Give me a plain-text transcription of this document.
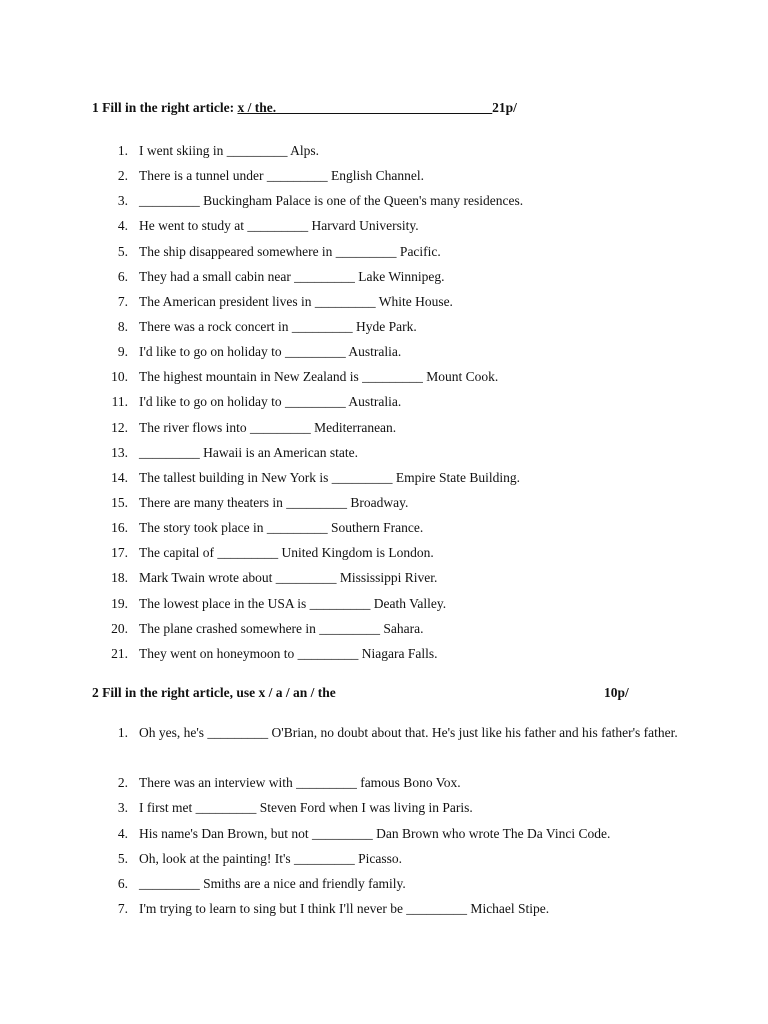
1 Fill in the right article: x / the.________________________________21p/
1. I went skiing in _________ Alps.
2. There is a tunnel under _________ English Channel.
3. _________ Buckingham Palace is one of the Queen's many residences.
4. He went to study at _________ Harvard University.
5. The ship disappeared somewhere in _________ Pacific.
6. They had a small cabin near _________ Lake Winnipeg.
7. The American president lives in _________ White House.
8. There was a rock concert in _________ Hyde Park.
9. I'd like to go on holiday to _________ Australia.
10. The highest mountain in New Zealand is _________ Mount Cook.
11. I'd like to go on holiday to _________ Australia.
12. The river flows into _________ Mediterranean.
13. _________ Hawaii is an American state.
14. The tallest building in New York is _________ Empire State Building.
15. There are many theaters in _________ Broadway.
16. The story took place in _________ Southern France.
17. The capital of _________ United Kingdom is London.
18. Mark Twain wrote about _________ Mississippi River.
19. The lowest place in the USA is _________ Death Valley.
20. The plane crashed somewhere in _________ Sahara.
21. They went on honeymoon to _________ Niagara Falls.
2 Fill in the right article, use x / a / an / the	10p/
1. Oh yes, he's _________ O'Brian, no doubt about that. He's just like his father and his father's father.
2. There was an interview with _________ famous Bono Vox.
3. I first met _________ Steven Ford when I was living in Paris.
4. His name's Dan Brown, but not _________ Dan Brown who wrote The Da Vinci Code.
5. Oh, look at the painting! It's _________ Picasso.
6. _________ Smiths are a nice and friendly family.
7. I'm trying to learn to sing but I think I'll never be _________ Michael Stipe.
